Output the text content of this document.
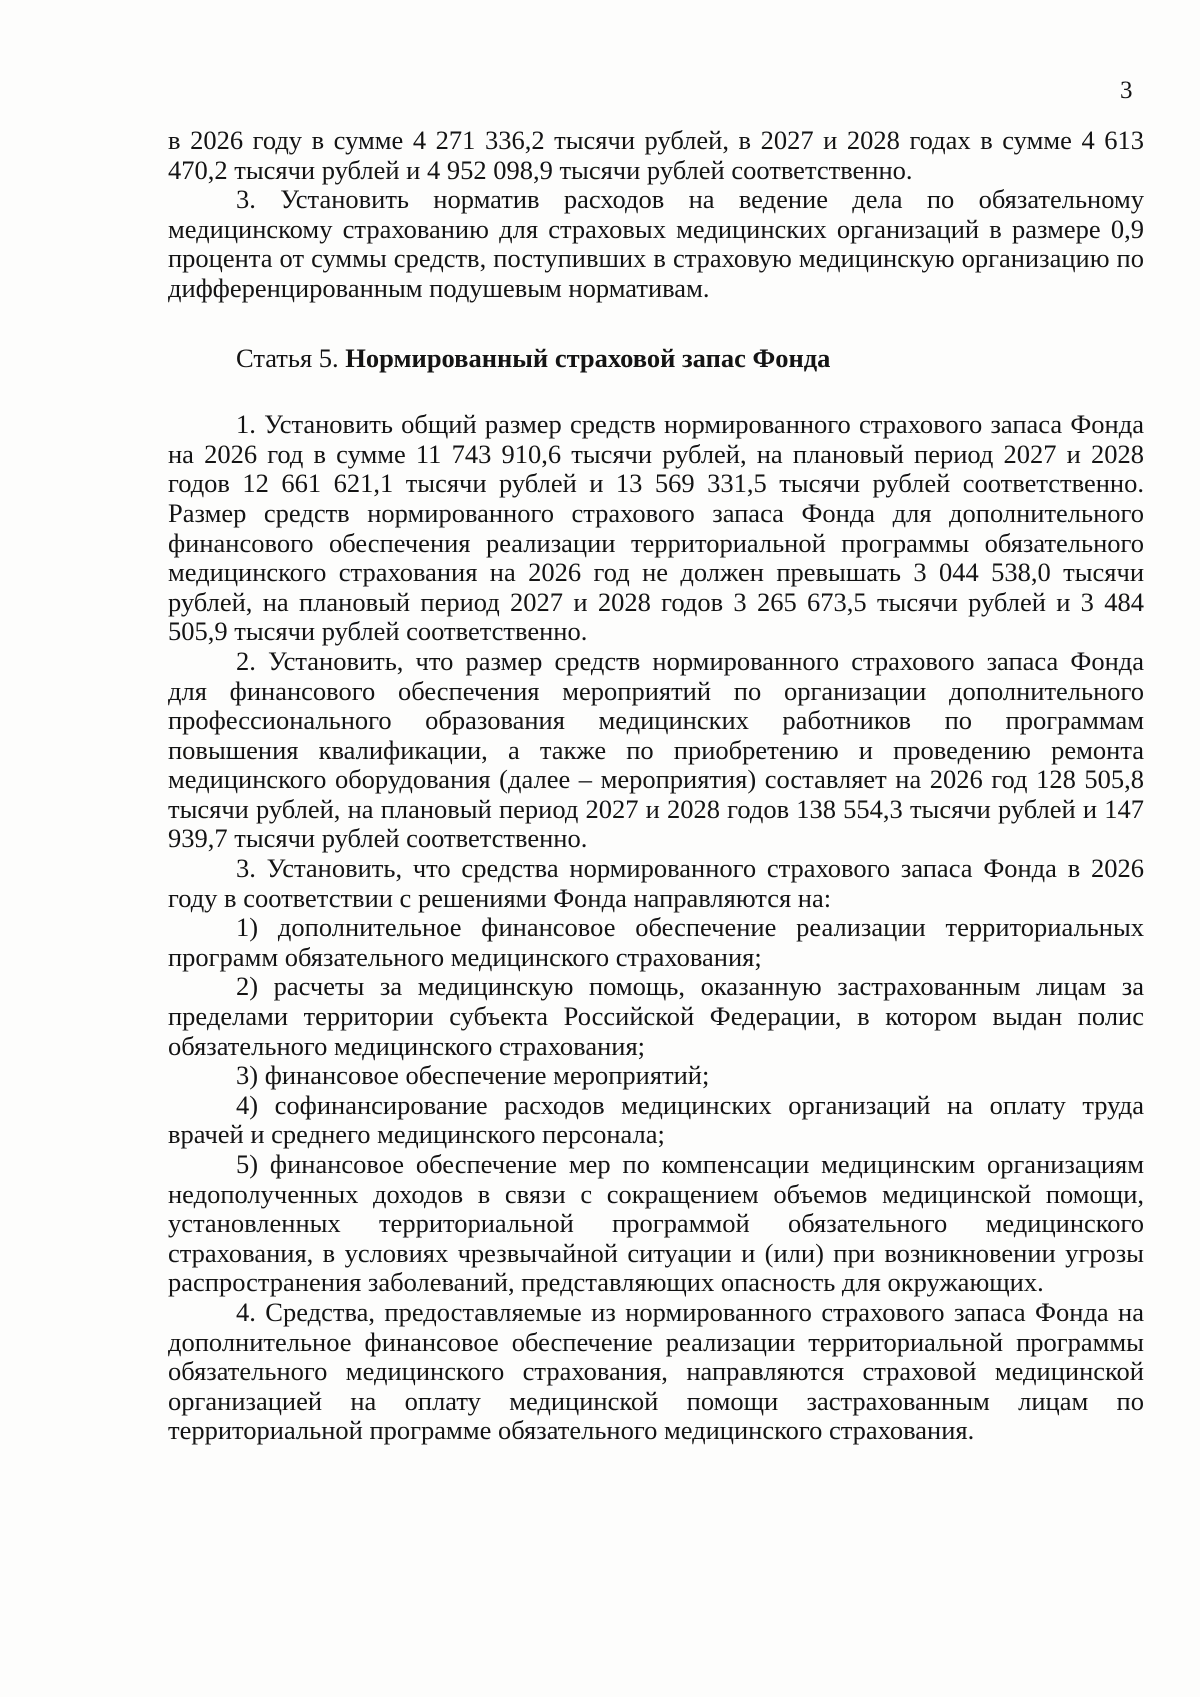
3

в 2026 году в сумме 4 271 336,2 тысячи рублей, в 2027 и 2028 годах в сумме 4 613 470,2 тысячи рублей и 4 952 098,9 тысячи рублей соответственно.

3. Установить норматив расходов на ведение дела по обязательному медицинскому страхованию для страховых медицинских организаций в размере 0,9 процента от суммы средств, поступивших в страховую медицинскую организацию по дифференцированным подушевым нормативам.

Статья 5. Нормированный страховой запас Фонда

1. Установить общий размер средств нормированного страхового запаса Фонда на 2026 год в сумме 11 743 910,6 тысячи рублей, на плановый период 2027 и 2028 годов 12 661 621,1 тысячи рублей и 13 569 331,5 тысячи рублей соответственно. Размер средств нормированного страхового запаса Фонда для дополнительного финансового обеспечения реализации территориальной программы обязательного медицинского страхования на 2026 год не должен превышать 3 044 538,0 тысячи рублей, на плановый период 2027 и 2028 годов 3 265 673,5 тысячи рублей и 3 484 505,9 тысячи рублей соответственно.

2. Установить, что размер средств нормированного страхового запаса Фонда для финансового обеспечения мероприятий по организации дополнительного профессионального образования медицинских работников по программам повышения квалификации, а также по приобретению и проведению ремонта медицинского оборудования (далее – мероприятия) составляет на 2026 год 128 505,8 тысячи рублей, на плановый период 2027 и 2028 годов 138 554,3 тысячи рублей и 147 939,7 тысячи рублей соответственно.

3. Установить, что средства нормированного страхового запаса Фонда в 2026 году в соответствии с решениями Фонда направляются на:

1) дополнительное финансовое обеспечение реализации территориальных программ обязательного медицинского страхования;

2) расчеты за медицинскую помощь, оказанную застрахованным лицам за пределами территории субъекта Российской Федерации, в котором выдан полис обязательного медицинского страхования;

3) финансовое обеспечение мероприятий;

4) софинансирование расходов медицинских организаций на оплату труда врачей и среднего медицинского персонала;

5) финансовое обеспечение мер по компенсации медицинским организациям недополученных доходов в связи с сокращением объемов медицинской помощи, установленных территориальной программой обязательного медицинского страхования, в условиях чрезвычайной ситуации и (или) при возникновении угрозы распространения заболеваний, представляющих опасность для окружающих.

4. Средства, предоставляемые из нормированного страхового запаса Фонда на дополнительное финансовое обеспечение реализации территориальной программы обязательного медицинского страхования, направляются страховой медицинской организацией на оплату медицинской помощи застрахованным лицам по территориальной программе обязательного медицинского страхования.
